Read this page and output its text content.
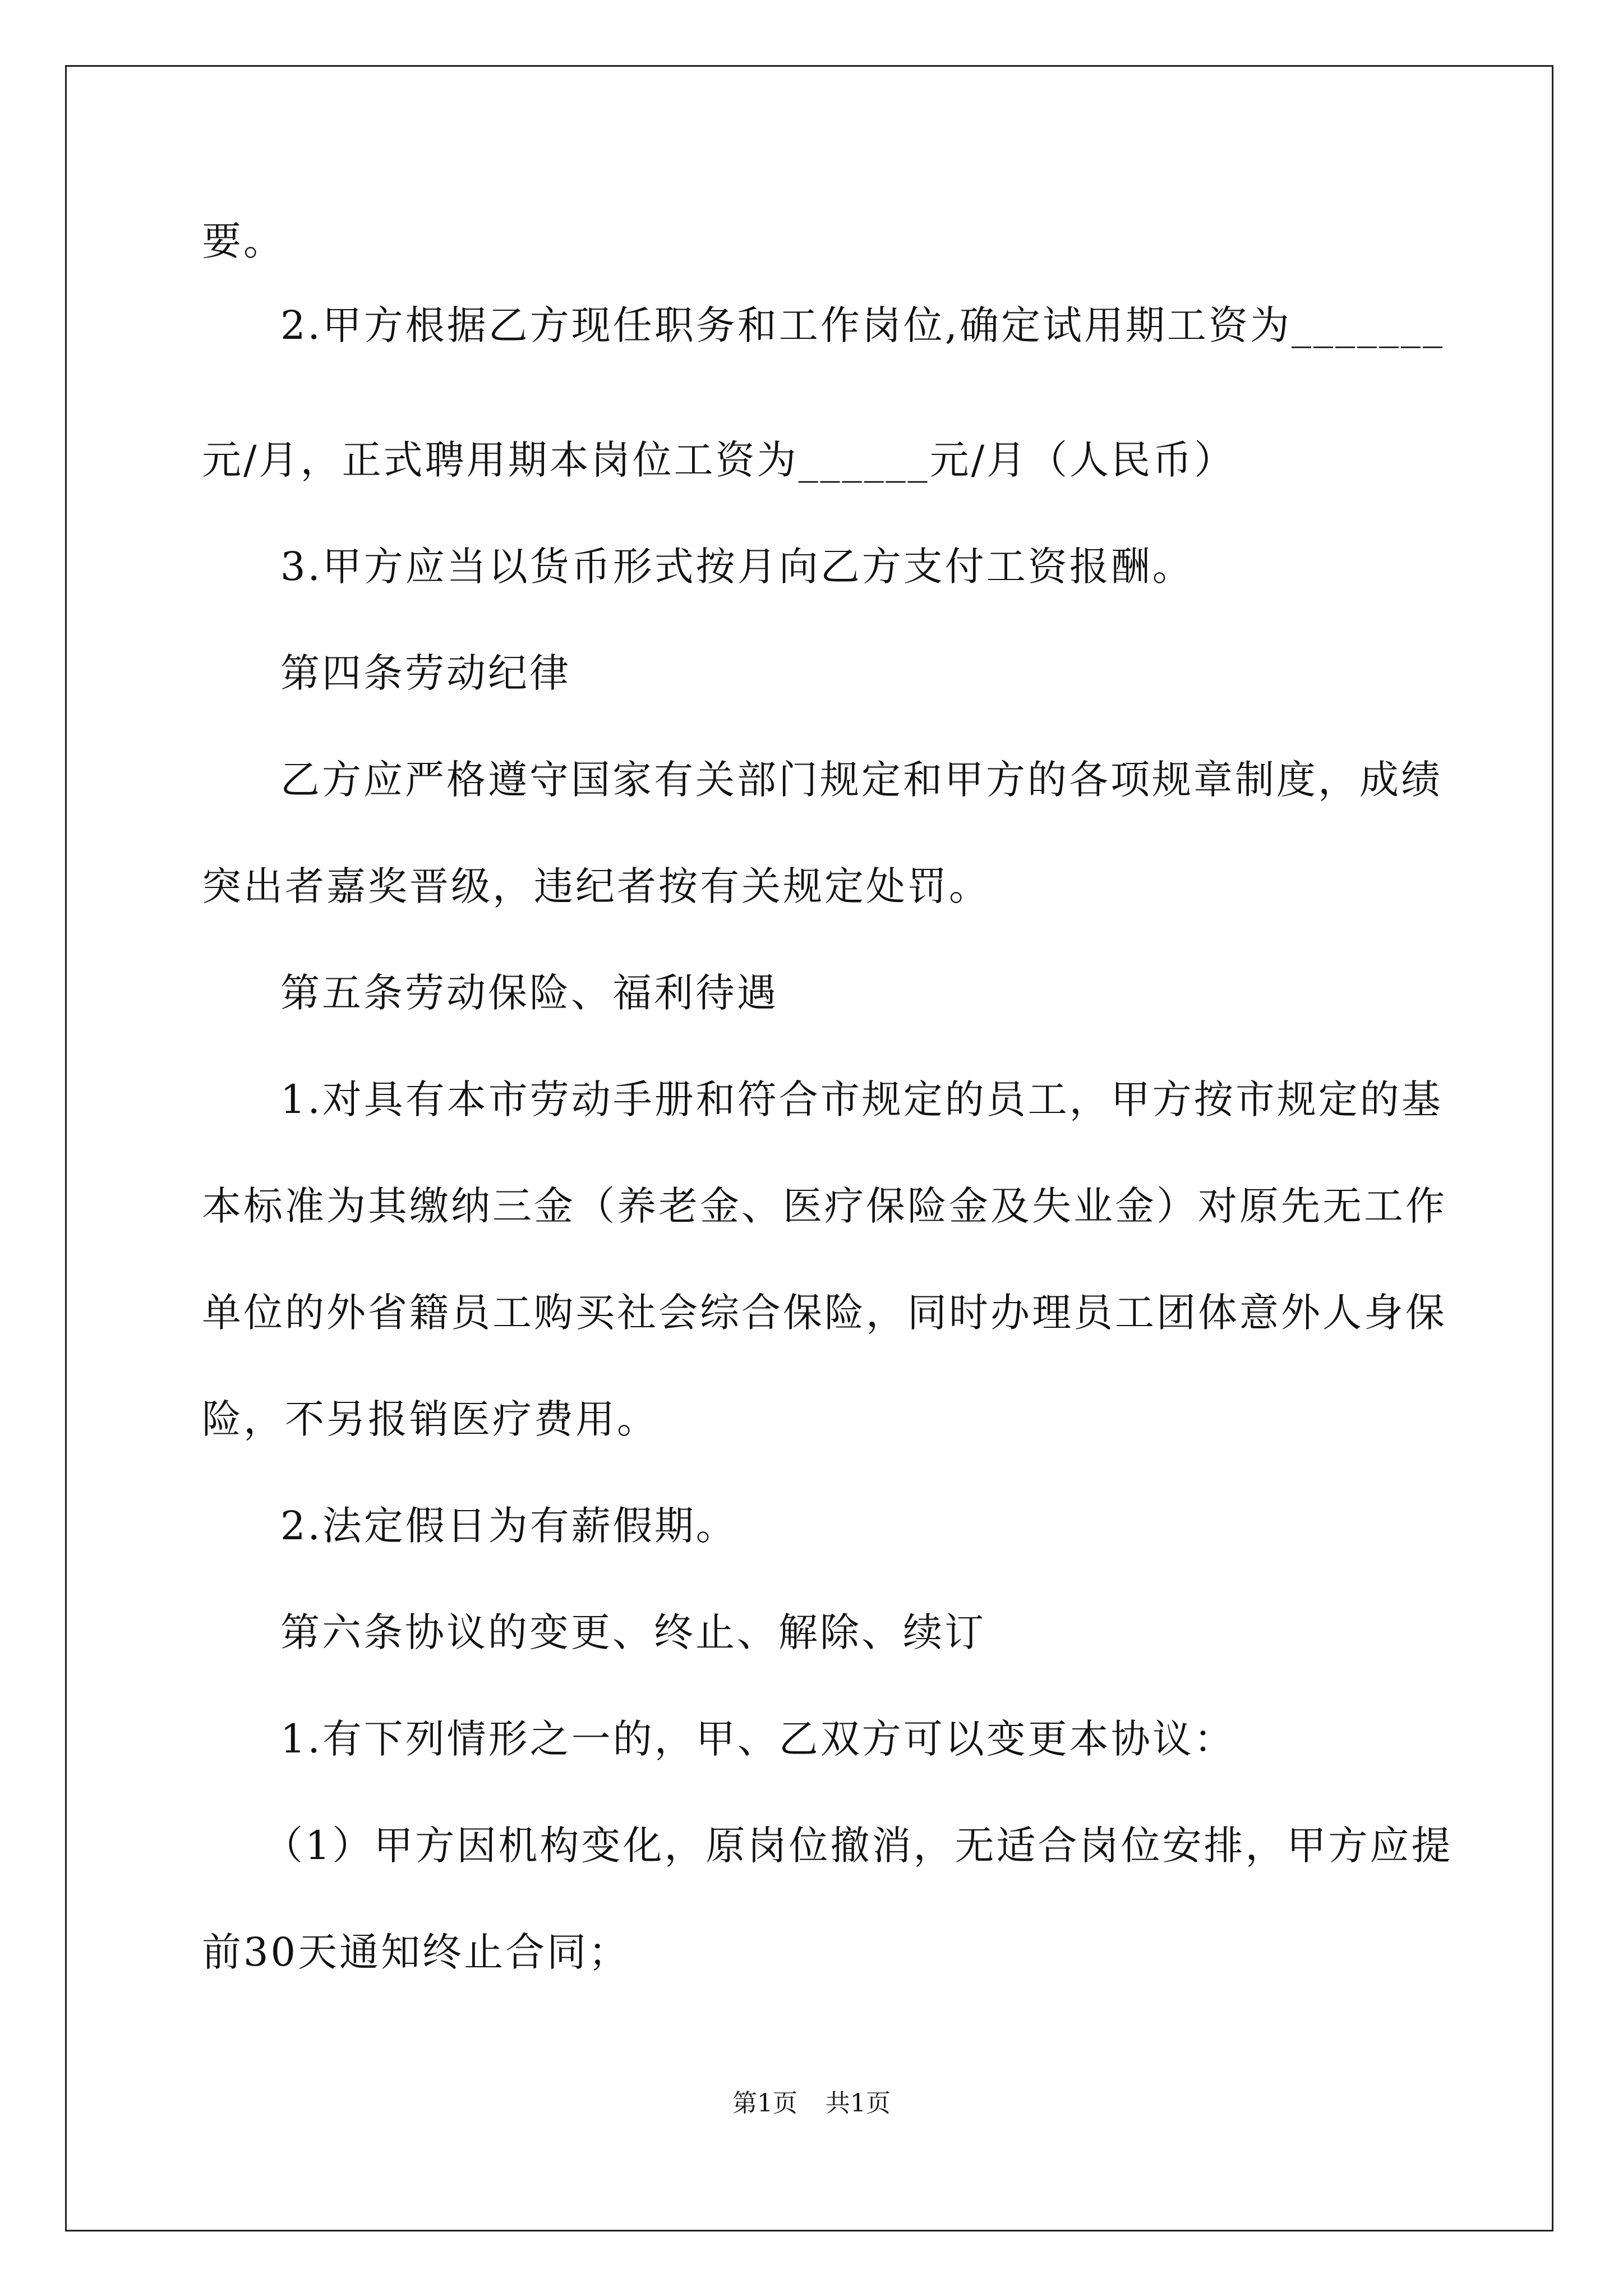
要。
2.甲方根据乙方现任职务和工作岗位,确定试用期工资为_______
元/月，正式聘用期本岗位工资为______元/月（人民币）
3.甲方应当以货币形式按月向乙方支付工资报酬。
第四条劳动纪律
乙方应严格遵守国家有关部门规定和甲方的各项规章制度，成绩
突出者嘉奖晋级，违纪者按有关规定处罚。
第五条劳动保险、福利待遇
1.对具有本市劳动手册和符合市规定的员工，甲方按市规定的基
本标准为其缴纳三金（养老金、医疗保险金及失业金）对原先无工作
单位的外省籍员工购买社会综合保险，同时办理员工团体意外人身保
险，不另报销医疗费用。
2.法定假日为有薪假期。
第六条协议的变更、终止、解除、续订
1.有下列情形之一的，甲、乙双方可以变更本协议：
（1）甲方因机构变化，原岗位撤消，无适合岗位安排，甲方应提
前30天通知终止合同；
第1页 共1页
